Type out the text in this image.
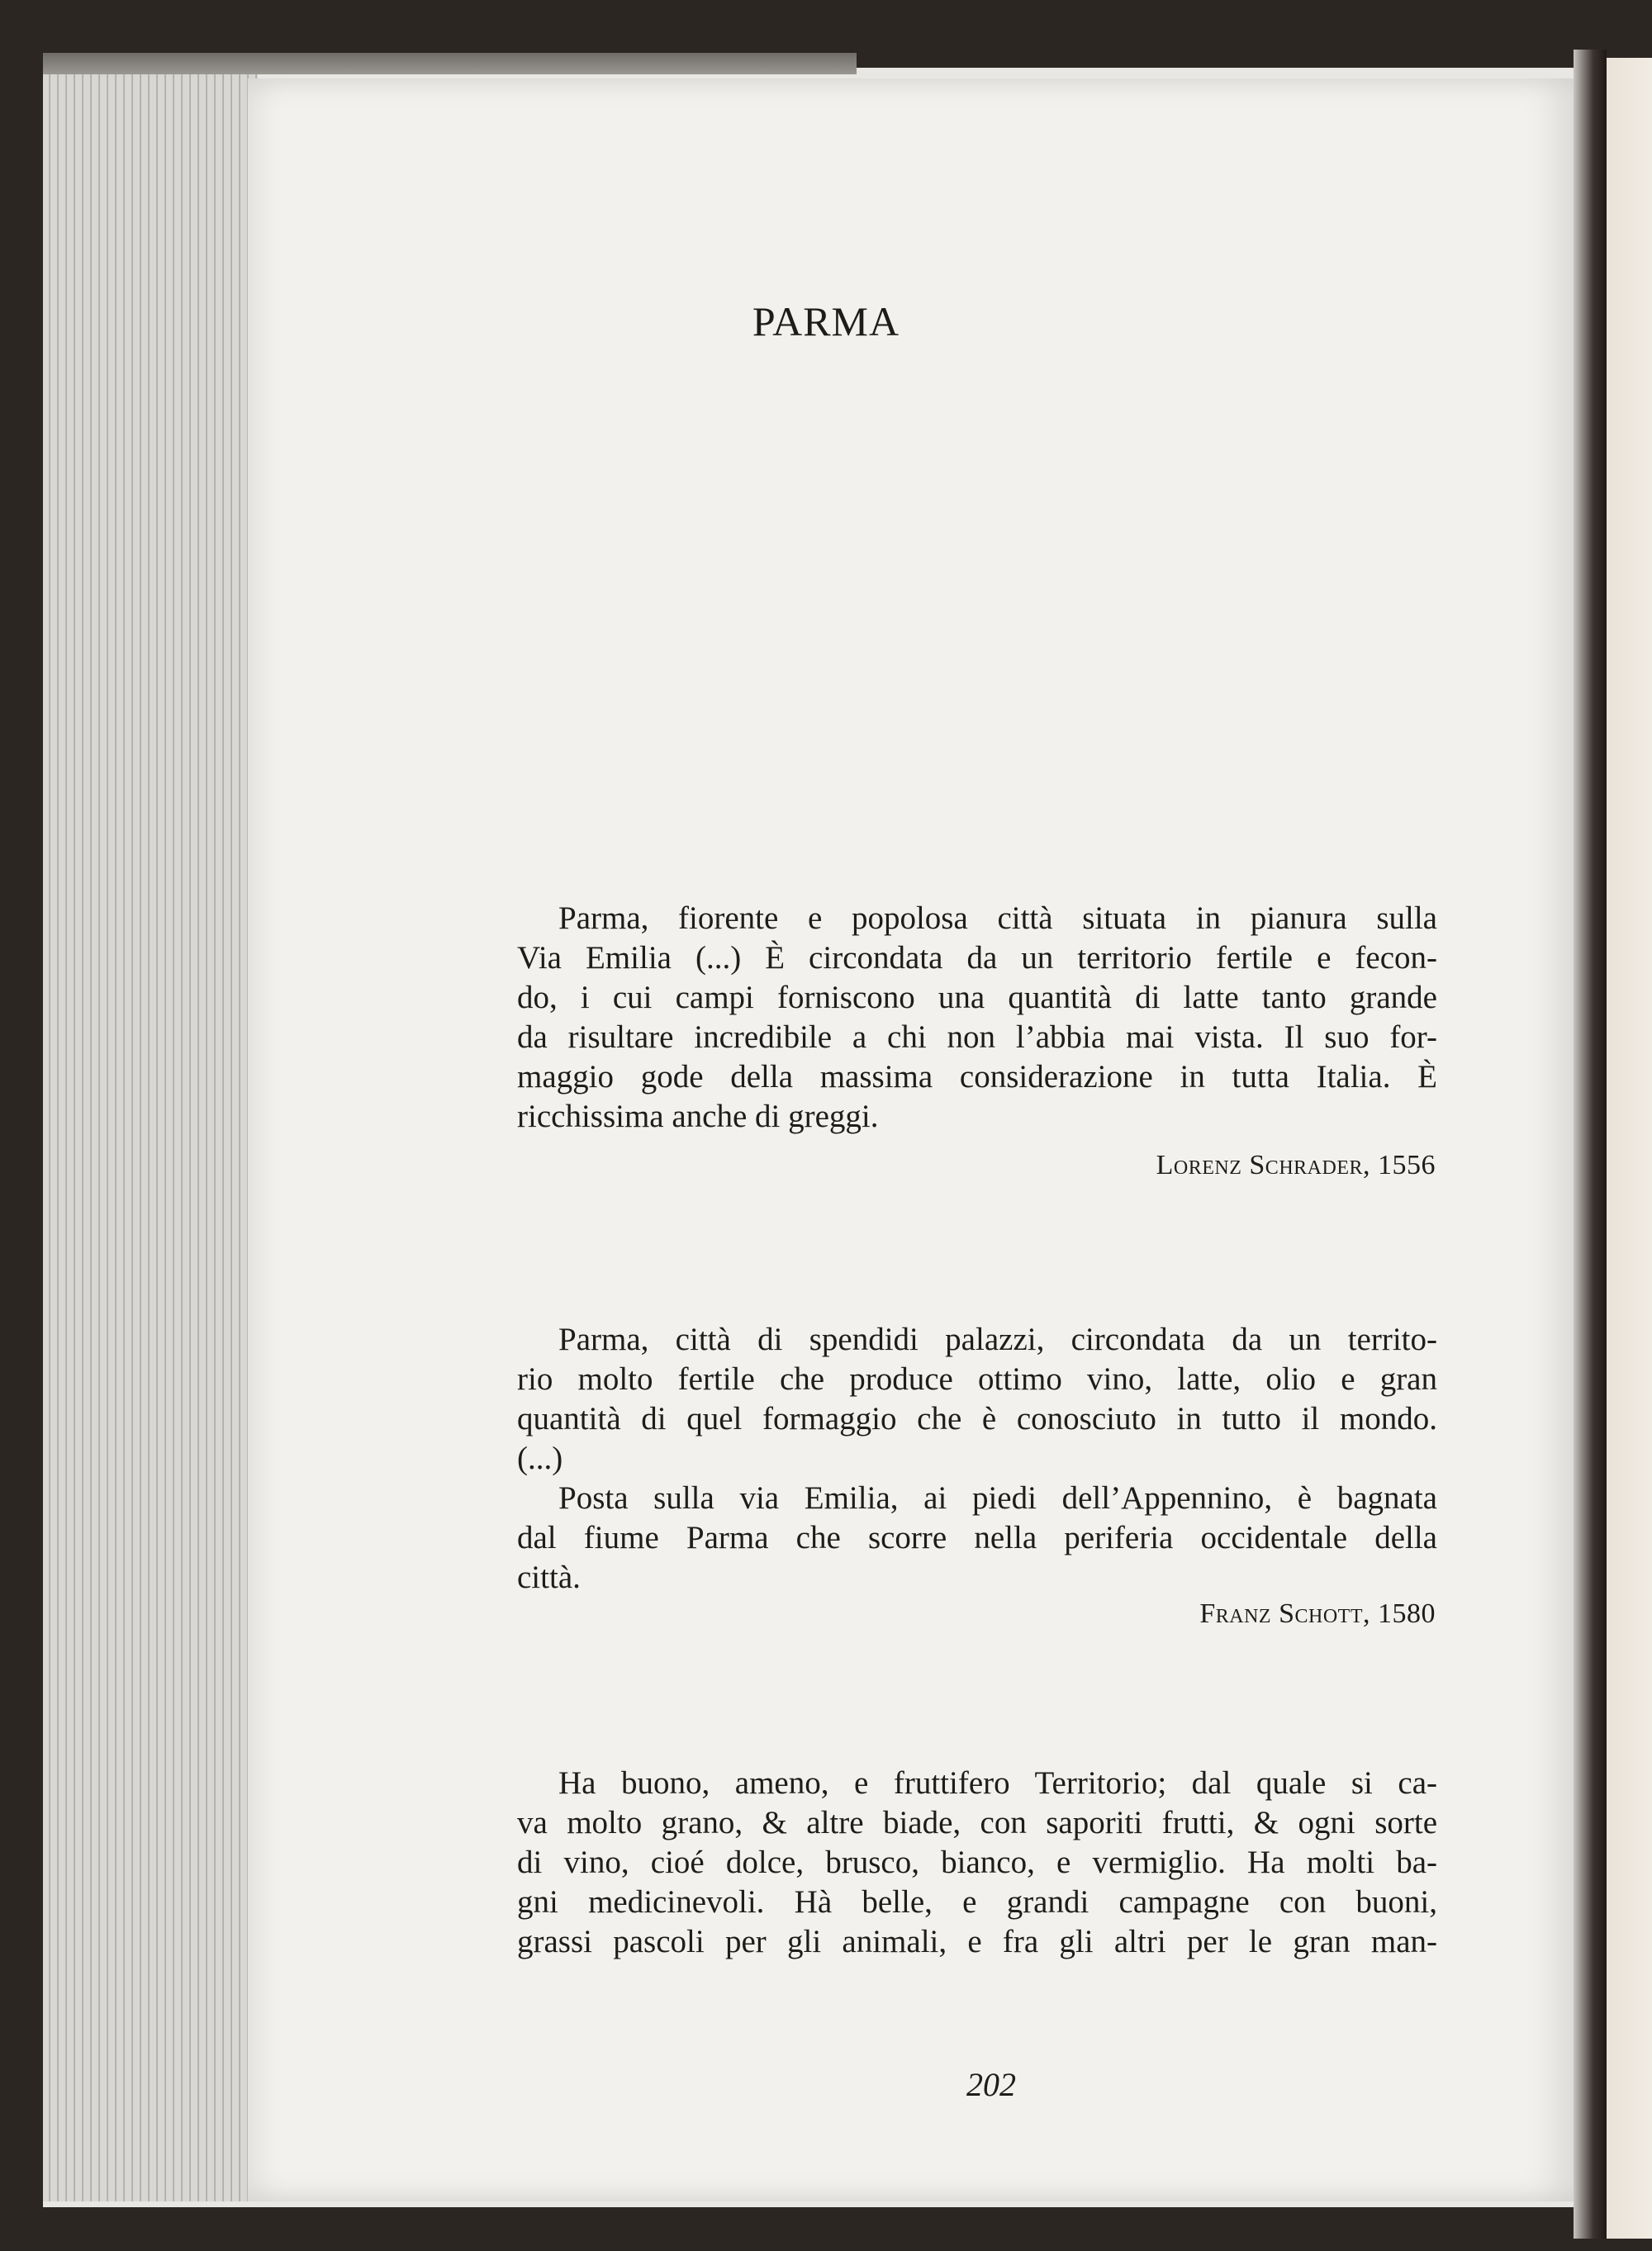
PARMA
Parma, fiorente e popolosa città situata in pianura sulla
Via Emilia (...) È circondata da un territorio fertile e fecon-
do, i cui campi forniscono una quantità di latte tanto grande
da risultare incredibile a chi non l’abbia mai vista. Il suo for-
maggio gode della massima considerazione in tutta Italia. È
ricchissima anche di greggi.
Lorenz Schrader, 1556
Parma, città di spendidi palazzi, circondata da un territo-
rio molto fertile che produce ottimo vino, latte, olio e gran
quantità di quel formaggio che è conosciuto in tutto il mondo.
(...)
Posta sulla via Emilia, ai piedi dell’Appennino, è bagnata
dal fiume Parma che scorre nella periferia occidentale della
città.
Franz Schott, 1580
Ha buono, ameno, e fruttifero Territorio; dal quale si ca-
va molto grano, & altre biade, con saporiti frutti, & ogni sorte
di vino, cioé dolce, brusco, bianco, e vermiglio. Ha molti ba-
gni medicinevoli. Hà belle, e grandi campagne con buoni,
grassi pascoli per gli animali, e fra gli altri per le gran man-
202
